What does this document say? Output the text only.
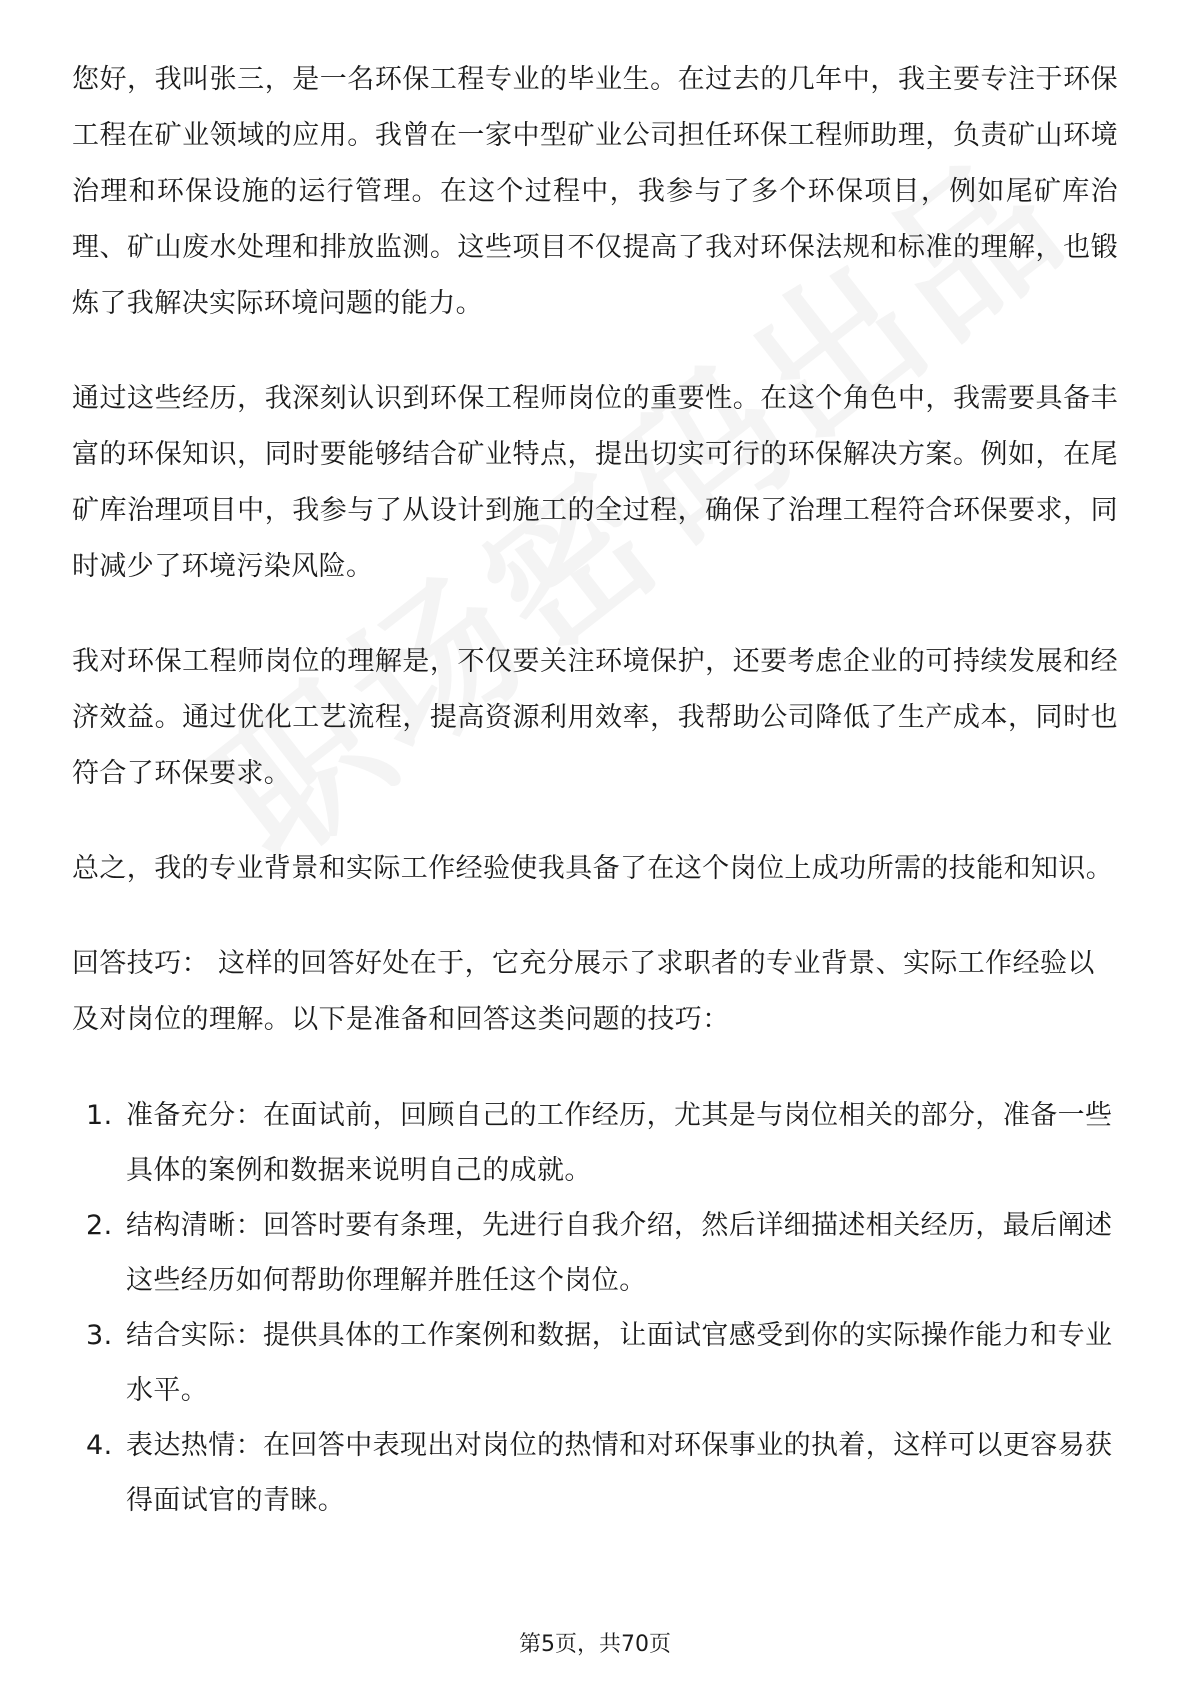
您好，我叫张三，是一名环保工程专业的毕业生。在过去的几年中，我主要专注于环保工程在矿业领域的应用。我曾在一家中型矿业公司担任环保工程师助理，负责矿山环境治理和环保设施的运行管理。在这个过程中，我参与了多个环保项目，例如尾矿库治理、矿山废水处理和排放监测。这些项目不仅提高了我对环保法规和标准的理解，也锻炼了我解决实际环境问题的能力。

通过这些经历，我深刻认识到环保工程师岗位的重要性。在这个角色中，我需要具备丰富的环保知识，同时要能够结合矿业特点，提出切实可行的环保解决方案。例如，在尾矿库治理项目中，我参与了从设计到施工的全过程，确保了治理工程符合环保要求，同时减少了环境污染风险。

我对环保工程师岗位的理解是，不仅要关注环境保护，还要考虑企业的可持续发展和经济效益。通过优化工艺流程，提高资源利用效率，我帮助公司降低了生产成本，同时也符合了环保要求。

总之，我的专业背景和实际工作经验使我具备了在这个岗位上成功所需的技能和知识。

回答技巧： 这样的回答好处在于，它充分展示了求职者的专业背景、实际工作经验以及对岗位的理解。以下是准备和回答这类问题的技巧：

1. 准备充分：在面试前，回顾自己的工作经历，尤其是与岗位相关的部分，准备一些具体的案例和数据来说明自己的成就。
2. 结构清晰：回答时要有条理，先进行自我介绍，然后详细描述相关经历，最后阐述这些经历如何帮助你理解并胜任这个岗位。
3. 结合实际：提供具体的工作案例和数据，让面试官感受到你的实际操作能力和专业水平。
4. 表达热情：在回答中表现出对岗位的热情和对环保事业的执着，这样可以更容易获得面试官的青睐。
第5页，共70页
